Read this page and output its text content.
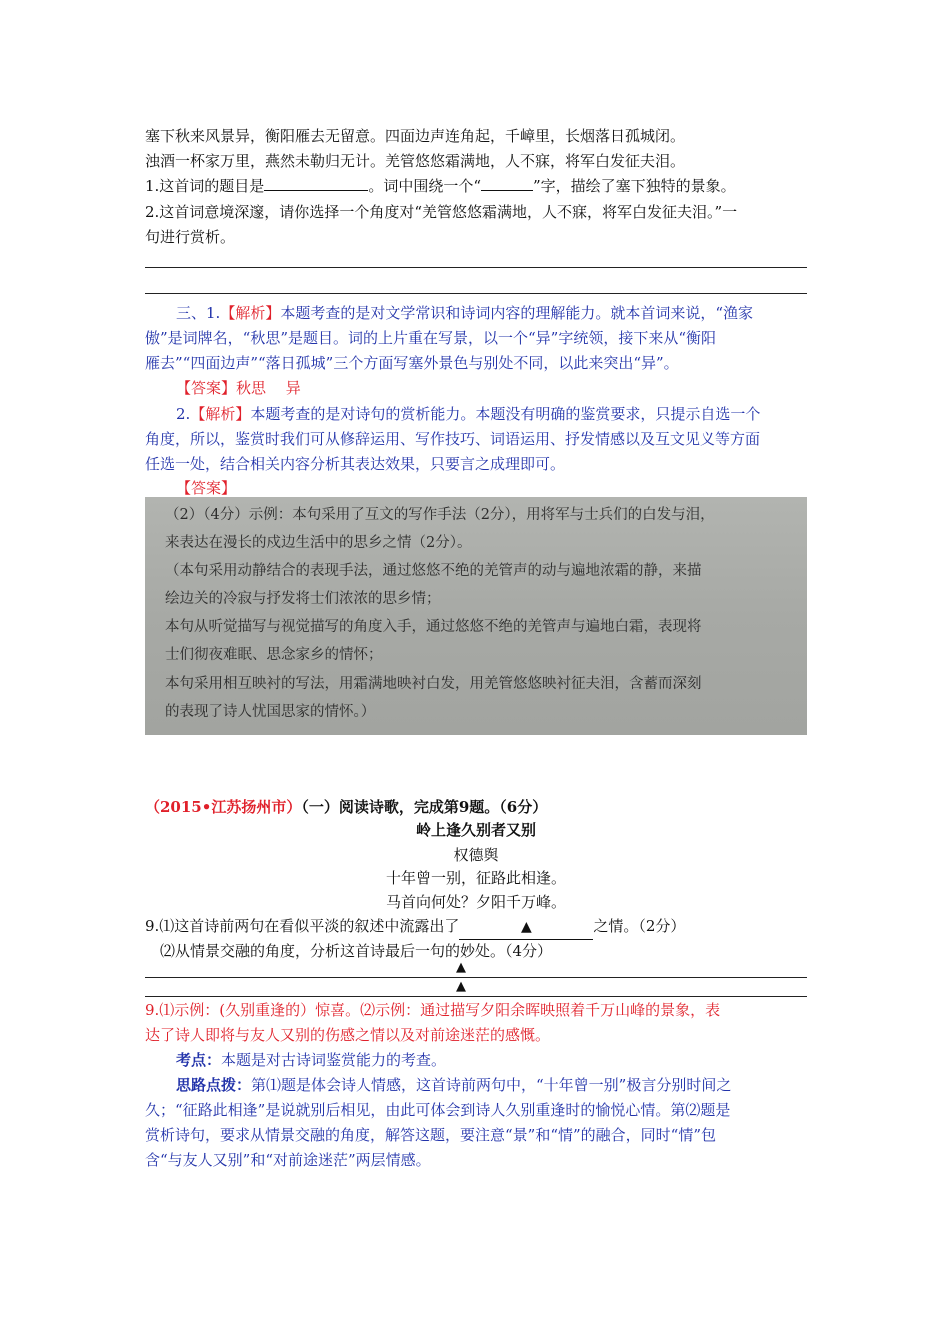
塞下秋来风景异，衡阳雁去无留意。四面边声连角起，千嶂里，长烟落日孤城闭。
浊酒一杯家万里，燕然未勒归无计。羌管悠悠霜满地，人不寐，将军白发征夫泪。
1.这首词的题目是	。词中围绕一个“	”字，描绘了塞下独特的景象。
2.这首词意境深邃，请你选择一个角度对“羌管悠悠霜满地，人不寐，将军白发征夫泪。”一
句进行赏析。
三、1.【解析】本题考查的是对文学常识和诗词内容的理解能力。就本首词来说，“渔家
傲”是词牌名，“秋思”是题目。词的上片重在写景，以一个“异”字统领，接下来从“衡阳
雁去”“四面边声”“落日孤城”三个方面写塞外景色与别处不同，以此来突出“异”。
【答案】秋思　 异
2.【解析】本题考查的是对诗句的赏析能力。本题没有明确的鉴赏要求，只提示自选一个
角度，所以，鉴赏时我们可从修辞运用、写作技巧、词语运用、抒发情感以及互文见义等方面
任选一处，结合相关内容分析其表达效果，只要言之成理即可。
【答案】
（2）（4分）示例：本句采用了互文的写作手法（2分），用将军与士兵们的白发与泪，
来表达在漫长的戍边生活中的思乡之情（2分）。
（本句采用动静结合的表现手法，通过悠悠不绝的羌管声的动与遍地浓霜的静，来描
绘边关的冷寂与抒发将士们浓浓的思乡情；
本句从听觉描写与视觉描写的角度入手，通过悠悠不绝的羌管声与遍地白霜，表现将
士们彻夜难眠、思念家乡的情怀；
本句采用相互映衬的写法，用霜满地映衬白发，用羌管悠悠映衬征夫泪，含蓄而深刻
的表现了诗人忧国思家的情怀。）
（2015•江苏扬州市）（一）阅读诗歌，完成第9题。（6分）
岭上逢久别者又别
权德舆
十年曾一别，征路此相逢。
马首向何处？夕阳千万峰。
9.⑴这首诗前两句在看似平淡的叙述中流露出了	▲	之情。（2分）
⑵从情景交融的角度，分析这首诗最后一句的妙处。（4分）
▲
▲
9.⑴示例：(久别重逢的）惊喜。⑵示例：通过描写夕阳余晖映照着千万山峰的景象，表
达了诗人即将与友人又别的伤感之情以及对前途迷茫的感慨。
考点：本题是对古诗词鉴赏能力的考查。
思路点拨：第⑴题是体会诗人情感，这首诗前两句中，“十年曾一别”极言分别时间之
久；“征路此相逢”是说就别后相见，由此可体会到诗人久别重逢时的愉悦心情。第⑵题是
赏析诗句，要求从情景交融的角度，解答这题，要注意“景”和“情”的融合，同时“情”包
含“与友人又别”和“对前途迷茫”两层情感。
